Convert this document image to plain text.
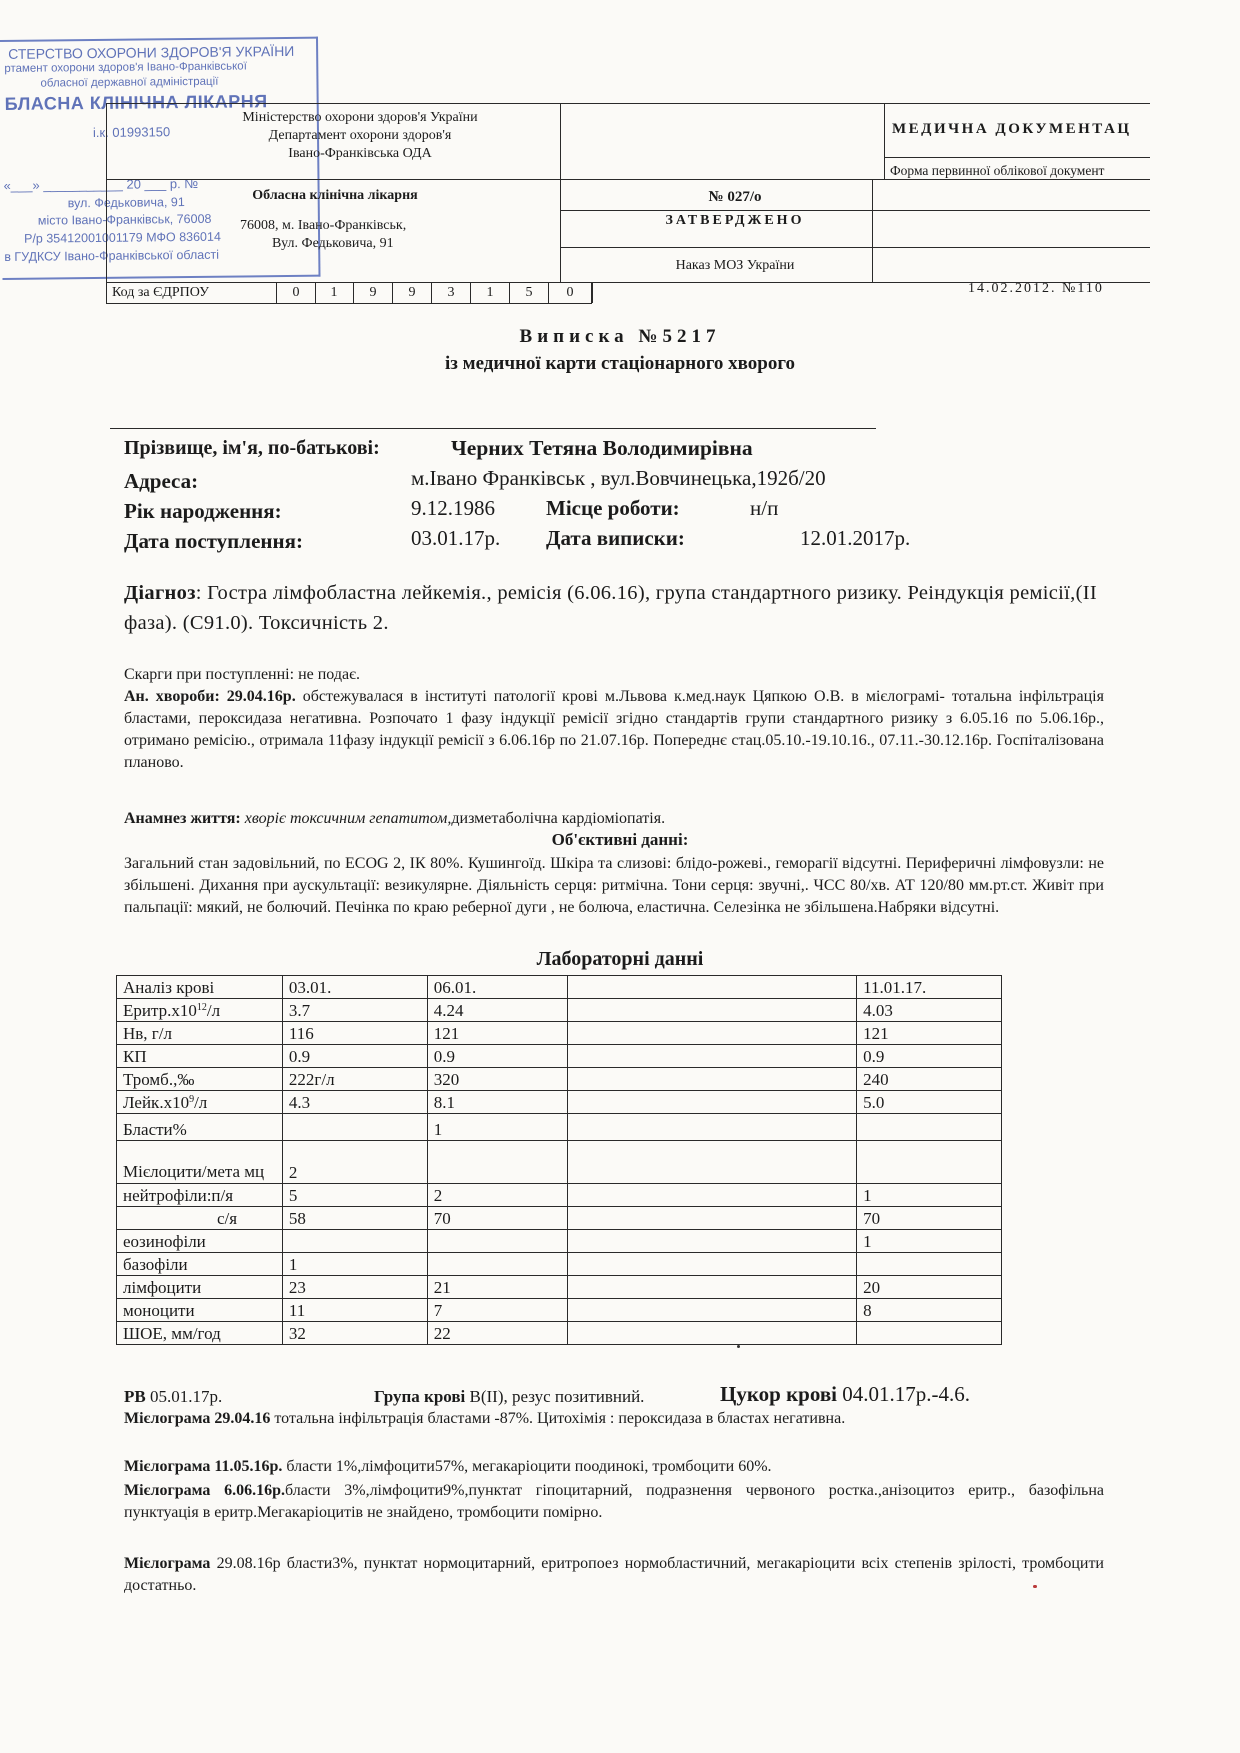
СТЕРСТВО ОХОРОНИ ЗДОРОВ'Я УКРАЇНИ
ртамент охорони здоров'я Івано-Франківської
обласної державної адміністрації
БЛАСНА КЛІНІЧНА ЛІКАРНЯ
і.к. 01993150
«___» ___________ 20 ___ р. №
вул. Федьковича, 91
місто Івано-Франківськ, 76008
Р/р 35412001001179 МФО 836014
в ГУДКСУ Івано-Франківської області
Міністерство охорони здоров'я України
Департамент охорони здоров'я
Івано-Франківська ОДА
Обласна клінічна лікарня
76008, м. Івано-Франківськ,
Вул. Федьковича, 91
МЕДИЧНА ДОКУМЕНТАЦ
Форма первинної облікової документ
№ 027/о
ЗАТВЕРДЖЕНО
Наказ МОЗ України
14.02.2012. №110
Код за ЄДРПОУ	0	1	9	9	3	1	5	0
Виписка №5217
із медичної карти стаціонарного хворого
Прізвище, ім'я, по-батькові:	Черних Тетяна Володимирівна
Адреса:	м.Івано Франківськ , вул.Вовчинецька,192б/20
Рік народження:	9.12.1986 Місце роботи:	н/п
Дата поступлення:	03.01.17р. Дата виписки:	12.01.2017р.
Діагноз: Гостра лімфобластна лейкемія., ремісія (6.06.16), група стандартного ризику. Реіндукція ремісії,(ІІ фаза). (С91.0). Токсичність 2.
Скарги при поступленні: не подає.
Ан. хвороби: 29.04.16р. обстежувалася в інституті патології крові м.Львова к.мед.наук Цяпкою О.В. в мієлограмі- тотальна інфільтрація бластами, пероксидаза негативна. Розпочато 1 фазу індукції ремісії згідно стандартів групи стандартного ризику з 6.05.16 по 5.06.16р., отримано ремісію., отримала 11фазу індукції ремісії з 6.06.16р по 21.07.16р. Попереднє стац.05.10.-19.10.16., 07.11.-30.12.16р. Госпіталізована планово.
Анамнез життя: хворіє токсичним гепатитом,дизметаболічна кардіоміопатія.
Об'єктивні данні:
Загальний стан задовільний, по ЕСОG 2, ІК 80%. Кушингоїд. Шкіра та слизові: блідо-рожеві., геморагії відсутні. Периферичні лімфовузли: не збільшені. Дихання при аускультації: везикулярне. Діяльність серця: ритмічна. Тони серця: звучні,. ЧСС 80/хв. АТ 120/80 мм.рт.ст. Живіт при пальпації: мякий, не болючий. Печінка по краю реберної дуги , не болюча, еластична. Селезінка не збільшена.Набряки відсутні.
Лабораторні данні
Аналіз крові	03.01.	06.01.		11.01.17.
$Еритр.х10^{12}/л$	3.7	4.24		4.03
Нв, г/л	116	121		121
КП	0.9	0.9		0.9
Тромб.,‰	222г/л	320		240
$Лейк.х10^9/л$	4.3	8.1		5.0
Бласти%		1		
Мієлоцити/мета мц	2			
нейтрофіли:п/я	5	2		1
с/я	58	70		70
еозинофіли				1
базофіли	1			
лімфоцити	23	21		20
моноцити	11	7		8
ШОЕ, мм/год	32	22		
РВ 05.01.17р.	Група крові В(ІІ), резус позитивний.	Цукор крові 04.01.17р.-4.6.
Мієлограма 29.04.16 тотальна інфільтрація бластами -87%. Цитохімія : пероксидаза в бластах негативна.
Мієлограма 11.05.16р. бласти 1%,лімфоцити57%, мегакаріоцити поодинокі, тромбоцити 60%.
Мієлограма 6.06.16р.бласти 3%,лімфоцити9%,пунктат гіпоцитарний, подразнення червоного ростка.,анізоцитоз еритр., базофільна пунктуація в еритр.Мегакаріоцитів не знайдено, тромбоцити помірно.
Мієлограма 29.08.16р бласти3%, пунктат нормоцитарний, еритропоез нормобластичний, мегакаріоцити всіх степенів зрілості, тромбоцити достатньо.
